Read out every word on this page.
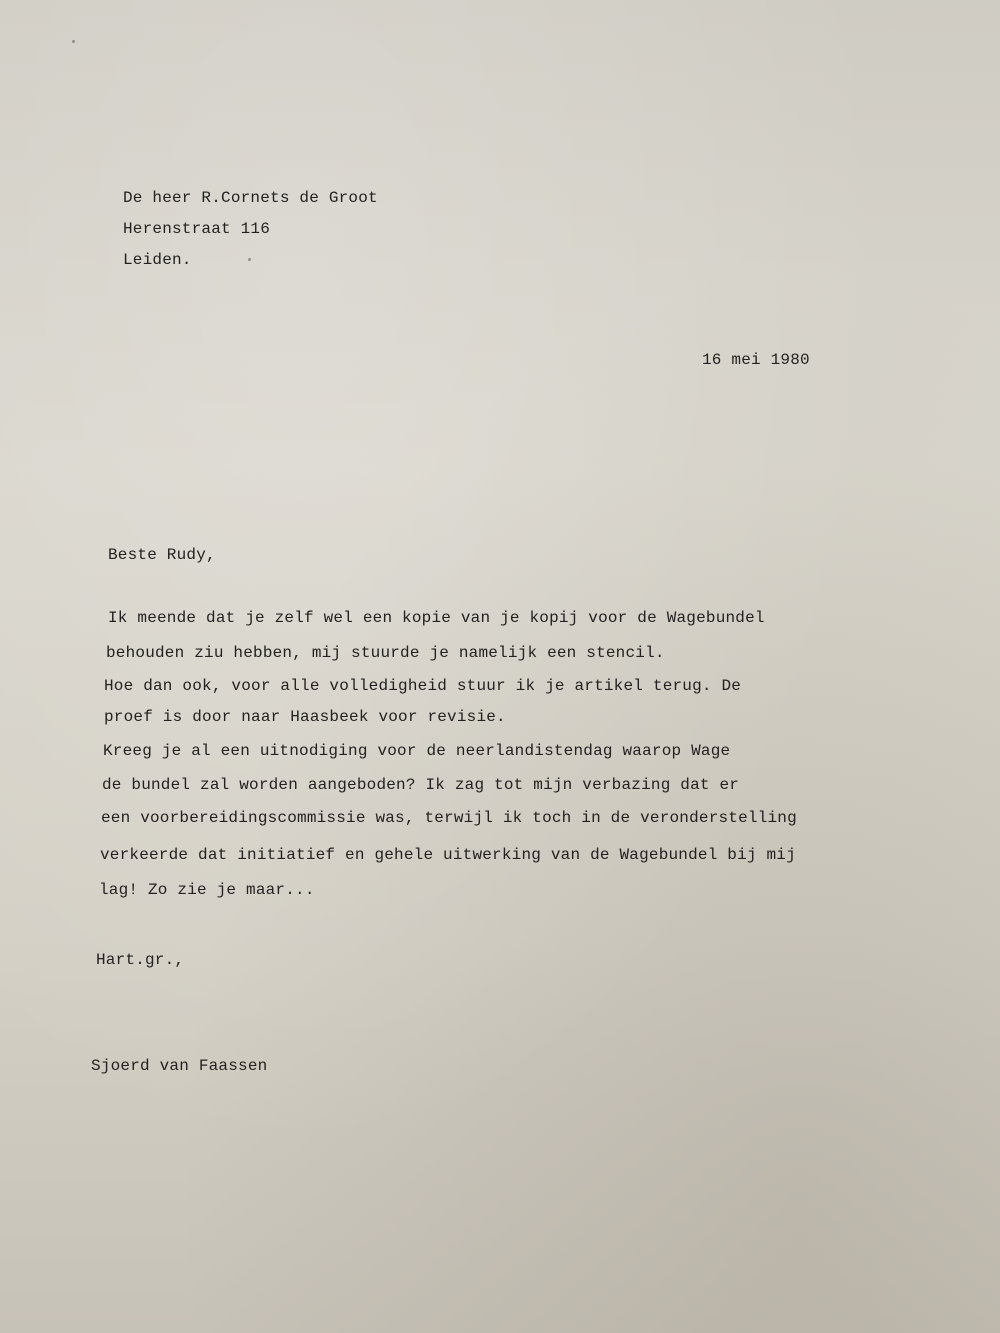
De heer R.Cornets de Groot

Herenstraat 116

Leiden.

16 mei 1980

Beste Rudy,

Ik meende dat je zelf wel een kopie van je kopij voor de Wagebundel

behouden ziu hebben, mij stuurde je namelijk een stencil.

Hoe dan ook, voor alle volledigheid stuur ik je artikel terug. De

proef is door naar Haasbeek voor revisie.

Kreeg je al een uitnodiging voor de neerlandistendag waarop Wage

de bundel zal worden aangeboden? Ik zag tot mijn verbazing dat er

een voorbereidingscommissie was, terwijl ik toch in de veronderstelling

verkeerde dat initiatief en gehele uitwerking van de Wagebundel bij mij

lag! Zo zie je maar...

Hart.gr.,

Sjoerd van Faassen
